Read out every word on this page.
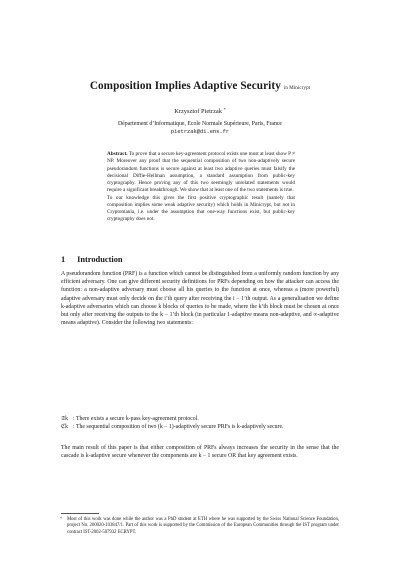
Composition Implies Adaptive Security in Minicrypt
Krzysztof Pietrzak *
Département d’Informatique, Ecole Normale Supérieure, Paris, France
pietrzak@di.ens.fr

Abstract. To prove that a secure key-agreement protocol exists one must at least show P ≠ NP. Moreover any proof that the sequential composition of two non-adaptively secure pseudorandom functions is secure against at least two adaptive queries must falsify the decisional Diffie-Hellman assumption, a standard assumption from public-key cryptography. Hence proving any of this two seemingly unrelated statements would require a significant breakthrough. We show that at least one of the two statements is true.

To our knowledge this gives the first positive cryptographic result (namely that composition implies some weak adaptive security) which holds in Minicrypt, but not in Cryptomania, i.e. under the assumption that one-way functions exist, but public-key cryptography does not.

1 Introduction
A pseudorandom function (PRF) is a function which cannot be distinguished from a uniformly random function by any efficient adversary. One can give different security definitions for PRFs depending on how the attacker can access the function: a non-adaptive adversary must choose all his queries to the function at once, whereas a (more powerful) adaptive adversary must only decide on the i’th query after receiving the i − 1’th output. As a generalisation we define k-adaptive adversaries which can choose k blocks of queries to be made, where the k’th block must be chosen at once but only after receiving the outputs to the k − 1’th block (in particular 1-adaptive means non-adaptive, and ∞-adaptive means adaptive). Consider the following two statements:
𝔖k : There exists a secure k-pass key-agreement protocol.
ℭk : The sequential composition of two (k − 1)-adaptively secure PRFs is k-adaptively secure.
The main result of this paper is that either composition of PRFs always increases the security in the sense that the cascade is k-adaptive secure whenever the components are k − 1 secure OR that key agreement exists.
*	Most of this work was done while the author was a PhD student at ETH where he was supported by the Swiss National Science Foundation, project No. 200020-103847/1. Part of this work is supported by the Commission of the European Communities through the IST program under contract IST-2002-507932 ECRYPT.
